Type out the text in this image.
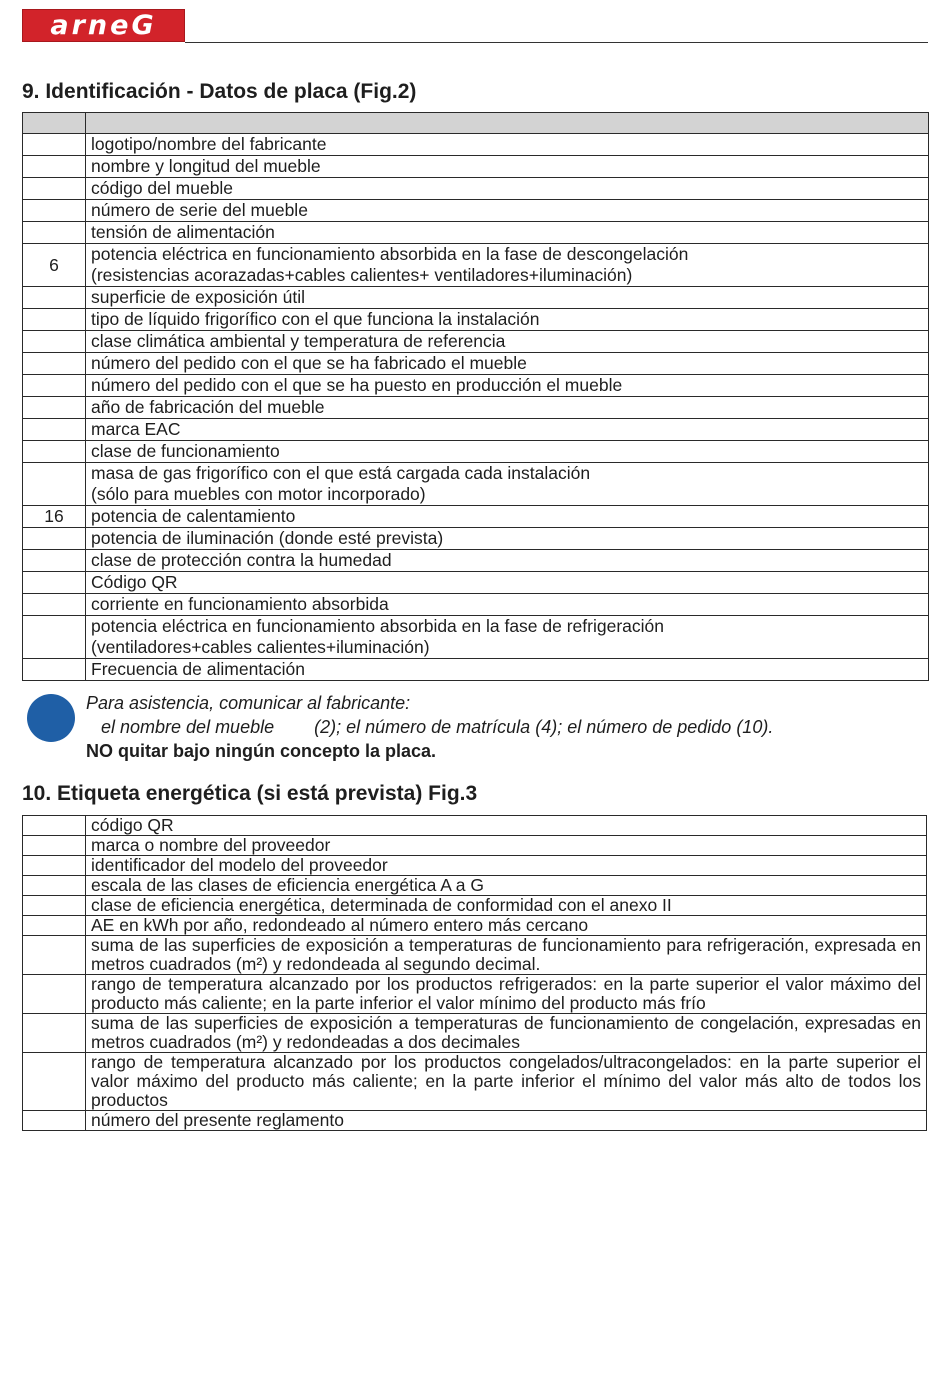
arneG
9. Identificación - Datos de placa (Fig.2)

	logotipo/nombre del fabricante

	nombre y longitud del mueble

	código del mueble

	número de serie del mueble

	tensión de alimentación

6	potencia eléctrica en funcionamiento absorbida en la fase de descongelación
(resistencias acorazadas+cables calientes+ ventiladores+iluminación)

	superficie de exposición útil

	tipo de líquido frigorífico con el que funciona la instalación

	clase climática ambiental y temperatura de referencia

	número del pedido con el que se ha fabricado el mueble

	número del pedido con el que se ha puesto en producción el mueble

	año de fabricación del mueble

	marca EAC

	clase de funcionamiento

	masa de gas frigorífico con el que está cargada cada instalación
(sólo para muebles con motor incorporado)

16	potencia de calentamiento

	potencia de iluminación (donde esté prevista)

	clase de protección contra la humedad

	Código QR

	corriente en funcionamiento absorbida

	potencia eléctrica en funcionamiento absorbida en la fase de refrigeración
(ventiladores+cables calientes+iluminación)

	Frecuencia de alimentación
Para asistencia, comunicar al fabricante:
el nombre del mueble        (2); el número de matrícula (4); el número de pedido (10).
NO quitar bajo ningún concepto la placa.
10. Etiqueta energética (si está prevista) Fig.3
	código QR
	marca o nombre del proveedor
	identificador del modelo del proveedor
	escala de las clases de eficiencia energética A a G
	clase de eficiencia energética, determinada de conformidad con el anexo II
	AE en kWh por año, redondeado al número entero más cercano
	suma de las superficies de exposición a temperaturas de funcionamiento para refrigeración, expresada en metros cuadrados (m²) y redondeada al segundo decimal.
	rango de temperatura alcanzado por los productos refrigerados: en la parte superior el valor máximo del producto más caliente; en la parte inferior el valor mínimo del producto más frío
	suma de las superficies de exposición a temperaturas de funcionamiento de congelación, expresadas en metros cuadrados (m²) y redondeadas a dos decimales
	rango de temperatura alcanzado por los productos congelados/ultracongelados: en la parte superior el valor máximo del producto más caliente; en la parte inferior el mínimo del valor más alto de todos los productos
	número del presente reglamento
